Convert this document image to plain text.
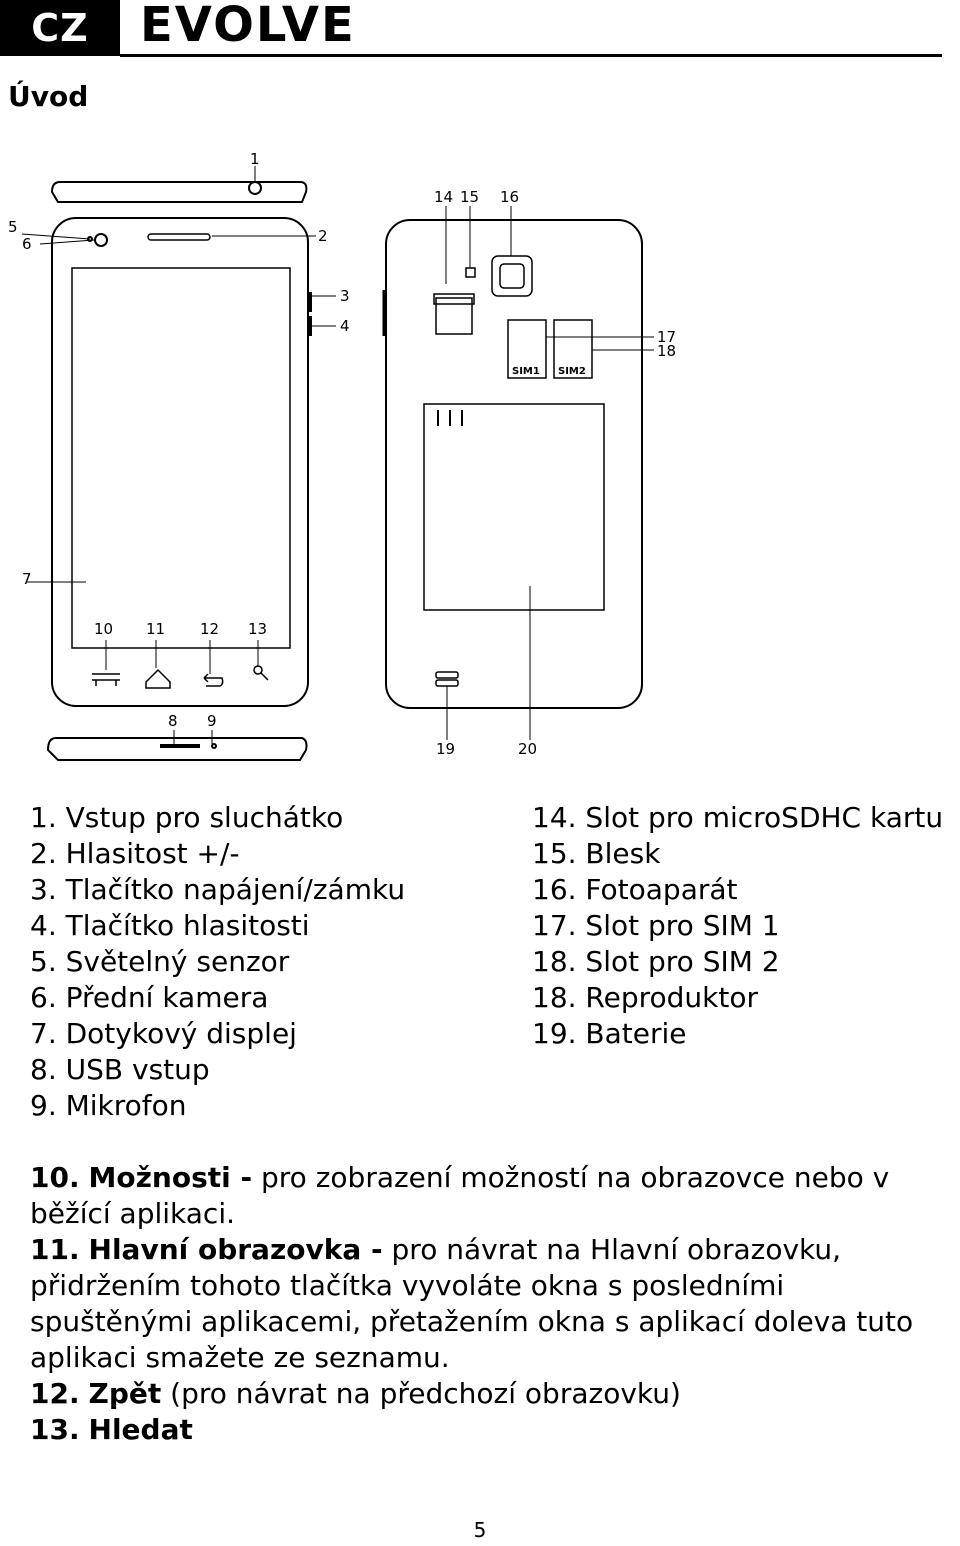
CZ EVOLVE
Úvod
1
2
3
4
5
6
7
10 11 12 13
8 9
14 15 16
17
18
19	20
SIM1 SIM2
1. Vstup pro sluchátko
2. Hlasitost +/-
3. Tlačítko napájení/zámku
4. Tlačítko hlasitosti
5. Světelný senzor
6. Přední kamera
7. Dotykový displej
8. USB vstup
9. Mikrofon
14. Slot pro microSDHC kartu
15. Blesk
16. Fotoaparát
17. Slot pro SIM 1
18. Slot pro SIM 2
18. Reproduktor
19. Baterie

10. Možnosti - pro zobrazení možností na obrazovce nebo v běžící aplikaci.

11. Hlavní obrazovka - pro návrat na Hlavní obrazovku, přidržením tohoto tlačítka vyvoláte okna s posledními spuštěnými aplikacemi, přetažením okna s aplikací doleva tuto aplikaci smažete ze seznamu.

12. Zpět (pro návrat na předchozí obrazovku)

13. Hledat

5
